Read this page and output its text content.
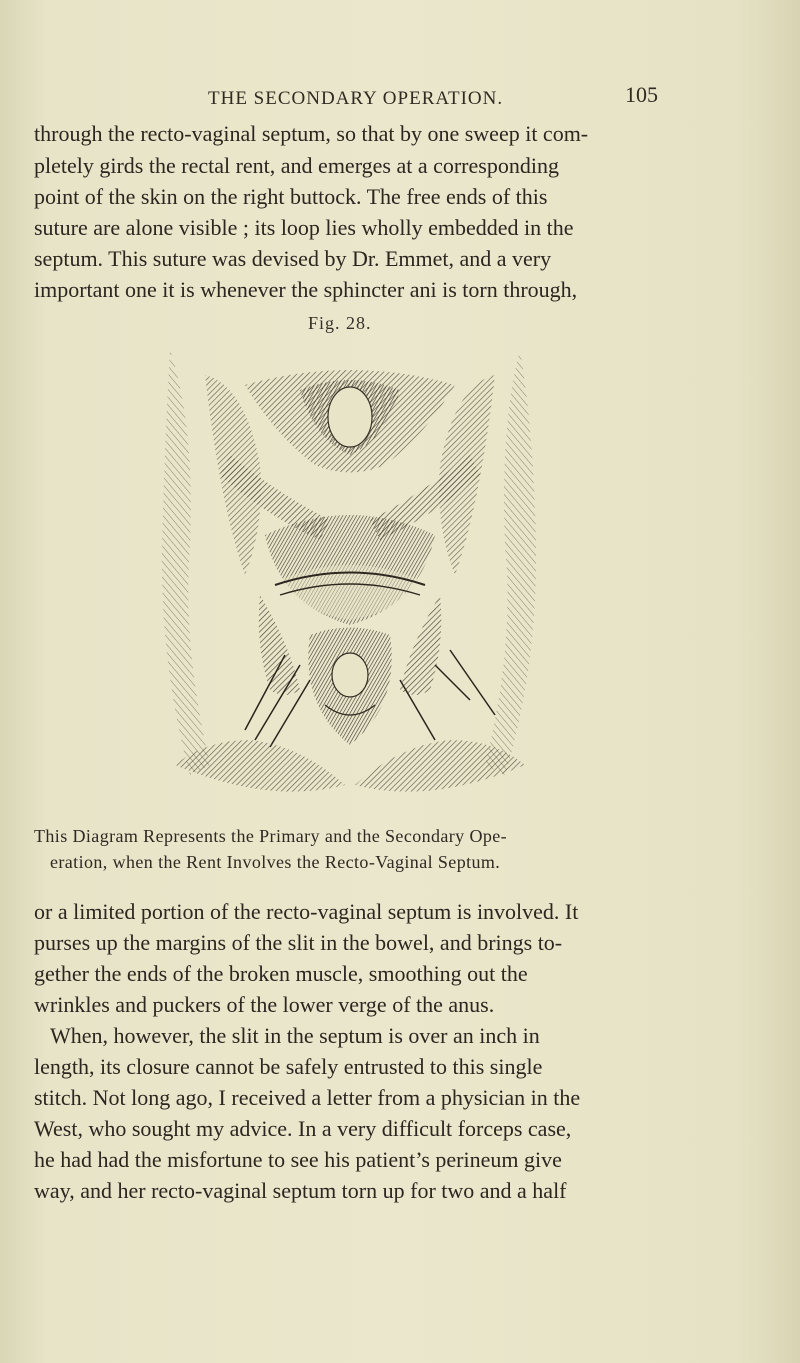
THE SECONDARY OPERATION.	105
through the recto-vaginal septum, so that by one sweep it com-
pletely girds the rectal rent, and emerges at a corresponding
point of the skin on the right buttock. The free ends of this
suture are alone visible ; its loop lies wholly embedded in the
septum. This suture was devised by Dr. Emmet, and a very
important one it is whenever the sphincter ani is torn through,
Fig. 28.
This Diagram Represents the Primary and the Secondary Ope-
eration, when the Rent Involves the Recto-Vaginal Septum.
or a limited portion of the recto-vaginal septum is involved. It
purses up the margins of the slit in the bowel, and brings to-
gether the ends of the broken muscle, smoothing out the
wrinkles and puckers of the lower verge of the anus.
When, however, the slit in the septum is over an inch in
length, its closure cannot be safely entrusted to this single
stitch. Not long ago, I received a letter from a physician in the
West, who sought my advice. In a very difficult forceps case,
he had had the misfortune to see his patient’s perineum give
way, and her recto-vaginal septum torn up for two and a half
